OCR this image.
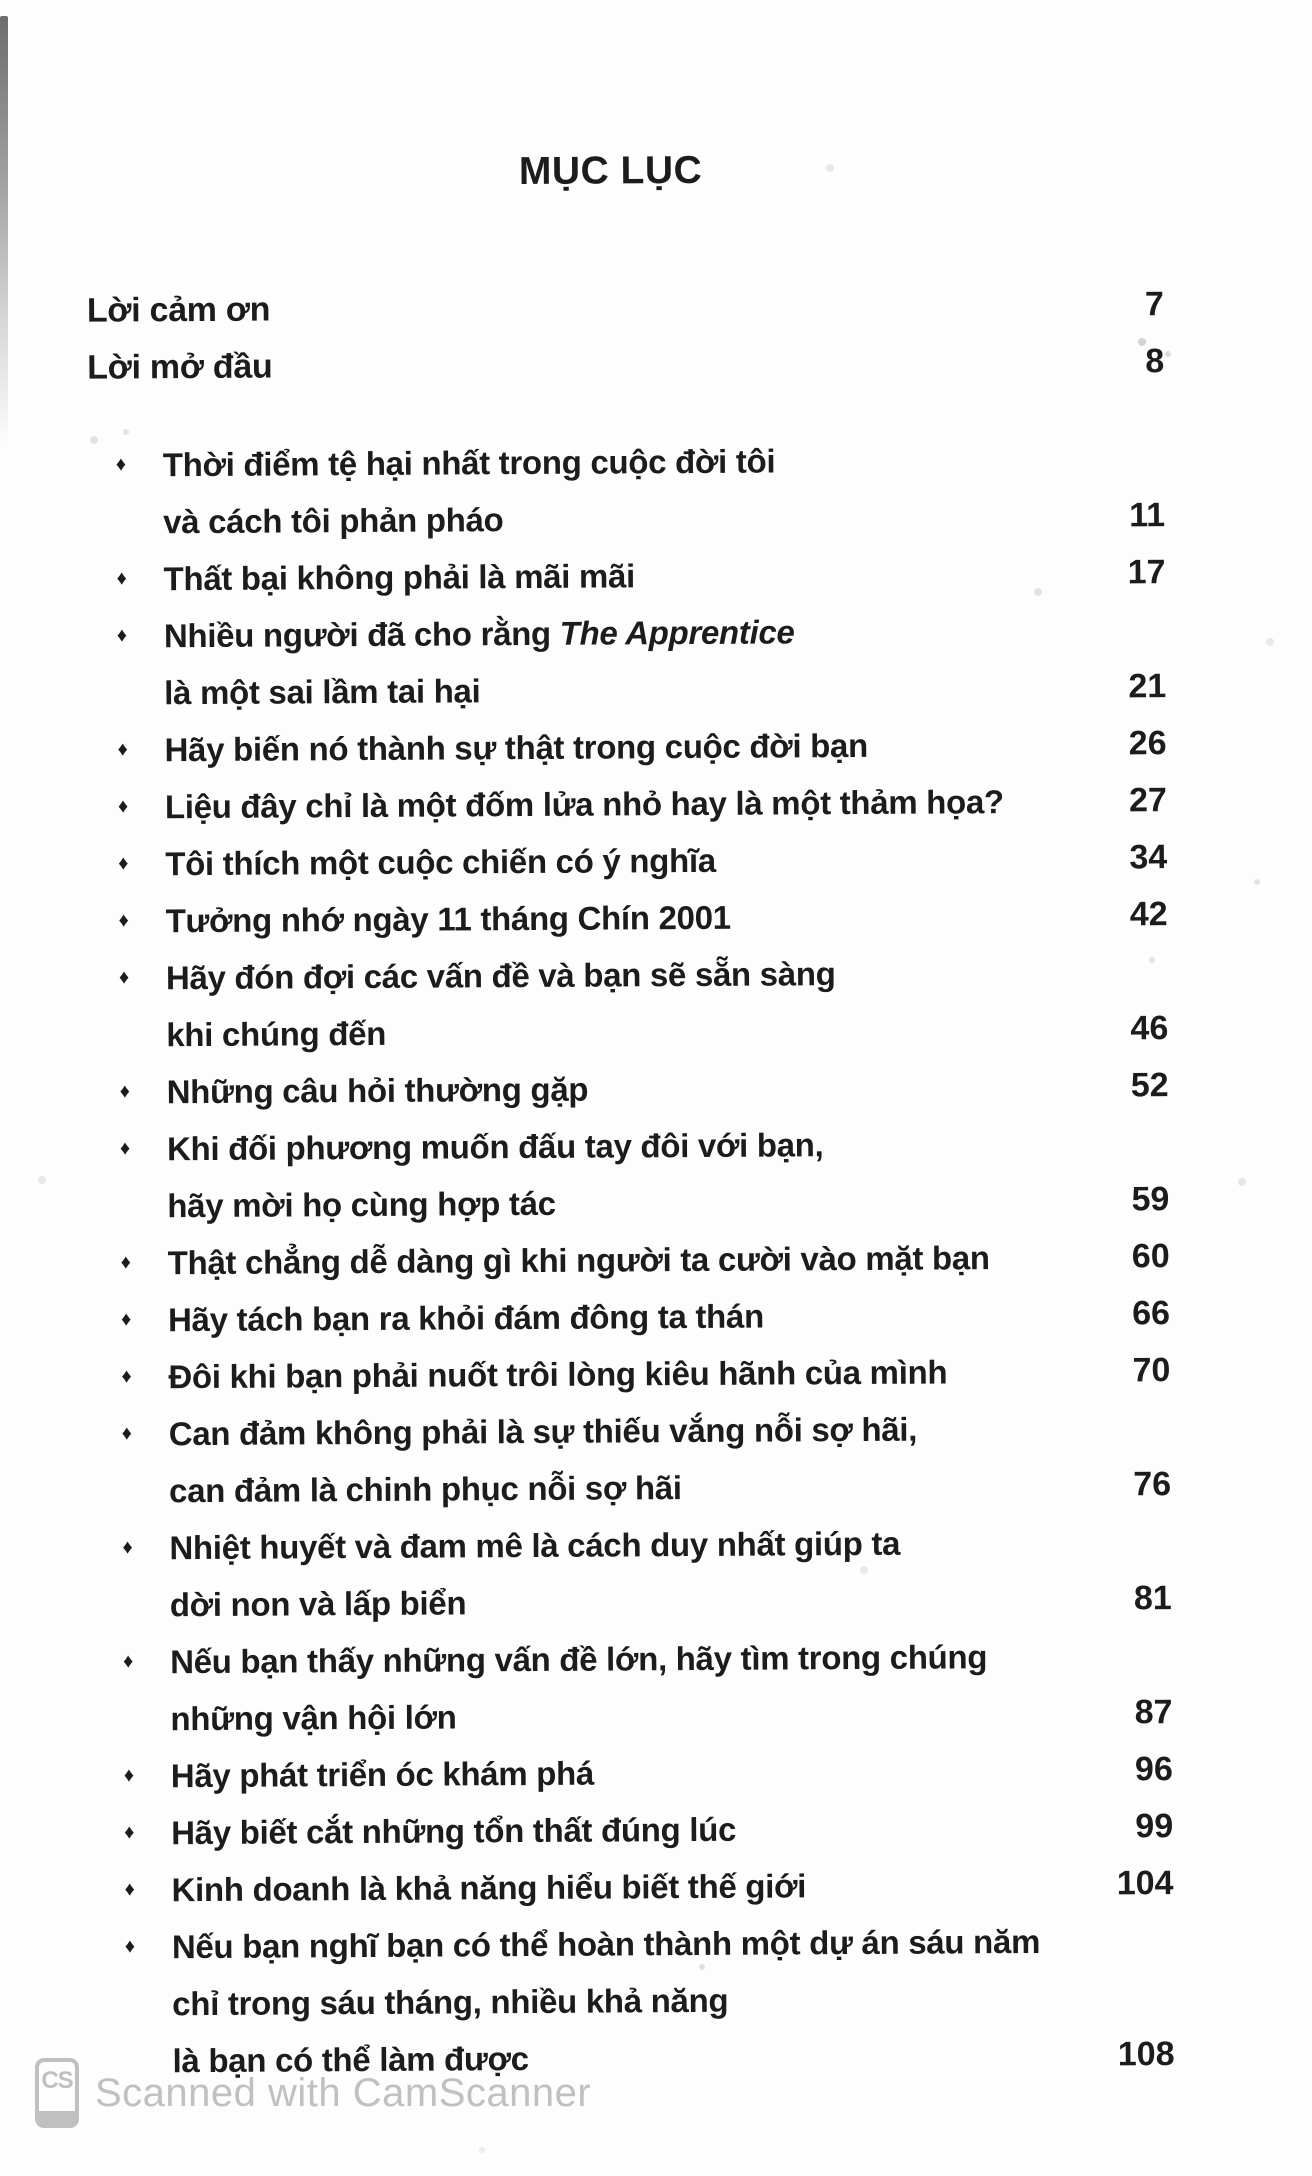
MỤC LỤC
Lời cảm ơn	7
Lời mở đầu	8
♦	Thời điểm tệ hại nhất trong cuộc đời tôi
và cách tôi phản pháo	11
♦	Thất bại không phải là mãi mãi	17
♦	Nhiều người đã cho rằng The Apprentice
là một sai lầm tai hại	21
♦	Hãy biến nó thành sự thật trong cuộc đời bạn	26
♦	Liệu đây chỉ là một đốm lửa nhỏ hay là một thảm họa?	27
♦	Tôi thích một cuộc chiến có ý nghĩa	34
♦	Tưởng nhớ ngày 11 tháng Chín 2001	42
♦	Hãy đón đợi các vấn đề và bạn sẽ sẵn sàng
khi chúng đến	46
♦	Những câu hỏi thường gặp	52
♦	Khi đối phương muốn đấu tay đôi với bạn,
hãy mời họ cùng hợp tác	59
♦	Thật chẳng dễ dàng gì khi người ta cười vào mặt bạn	60
♦	Hãy tách bạn ra khỏi đám đông ta thán	66
♦	Đôi khi bạn phải nuốt trôi lòng kiêu hãnh của mình	70
♦	Can đảm không phải là sự thiếu vắng nỗi sợ hãi,
can đảm là chinh phục nỗi sợ hãi	76
♦	Nhiệt huyết và đam mê là cách duy nhất giúp ta
dời non và lấp biển	81
♦	Nếu bạn thấy những vấn đề lớn, hãy tìm trong chúng
những vận hội lớn	87
♦	Hãy phát triển óc khám phá	96
♦	Hãy biết cắt những tổn thất đúng lúc	99
♦	Kinh doanh là khả năng hiểu biết thế giới	104
♦	Nếu bạn nghĩ bạn có thể hoàn thành một dự án sáu năm
chỉ trong sáu tháng, nhiều khả năng
là bạn có thể làm được	108
CS Scanned with CamScanner
